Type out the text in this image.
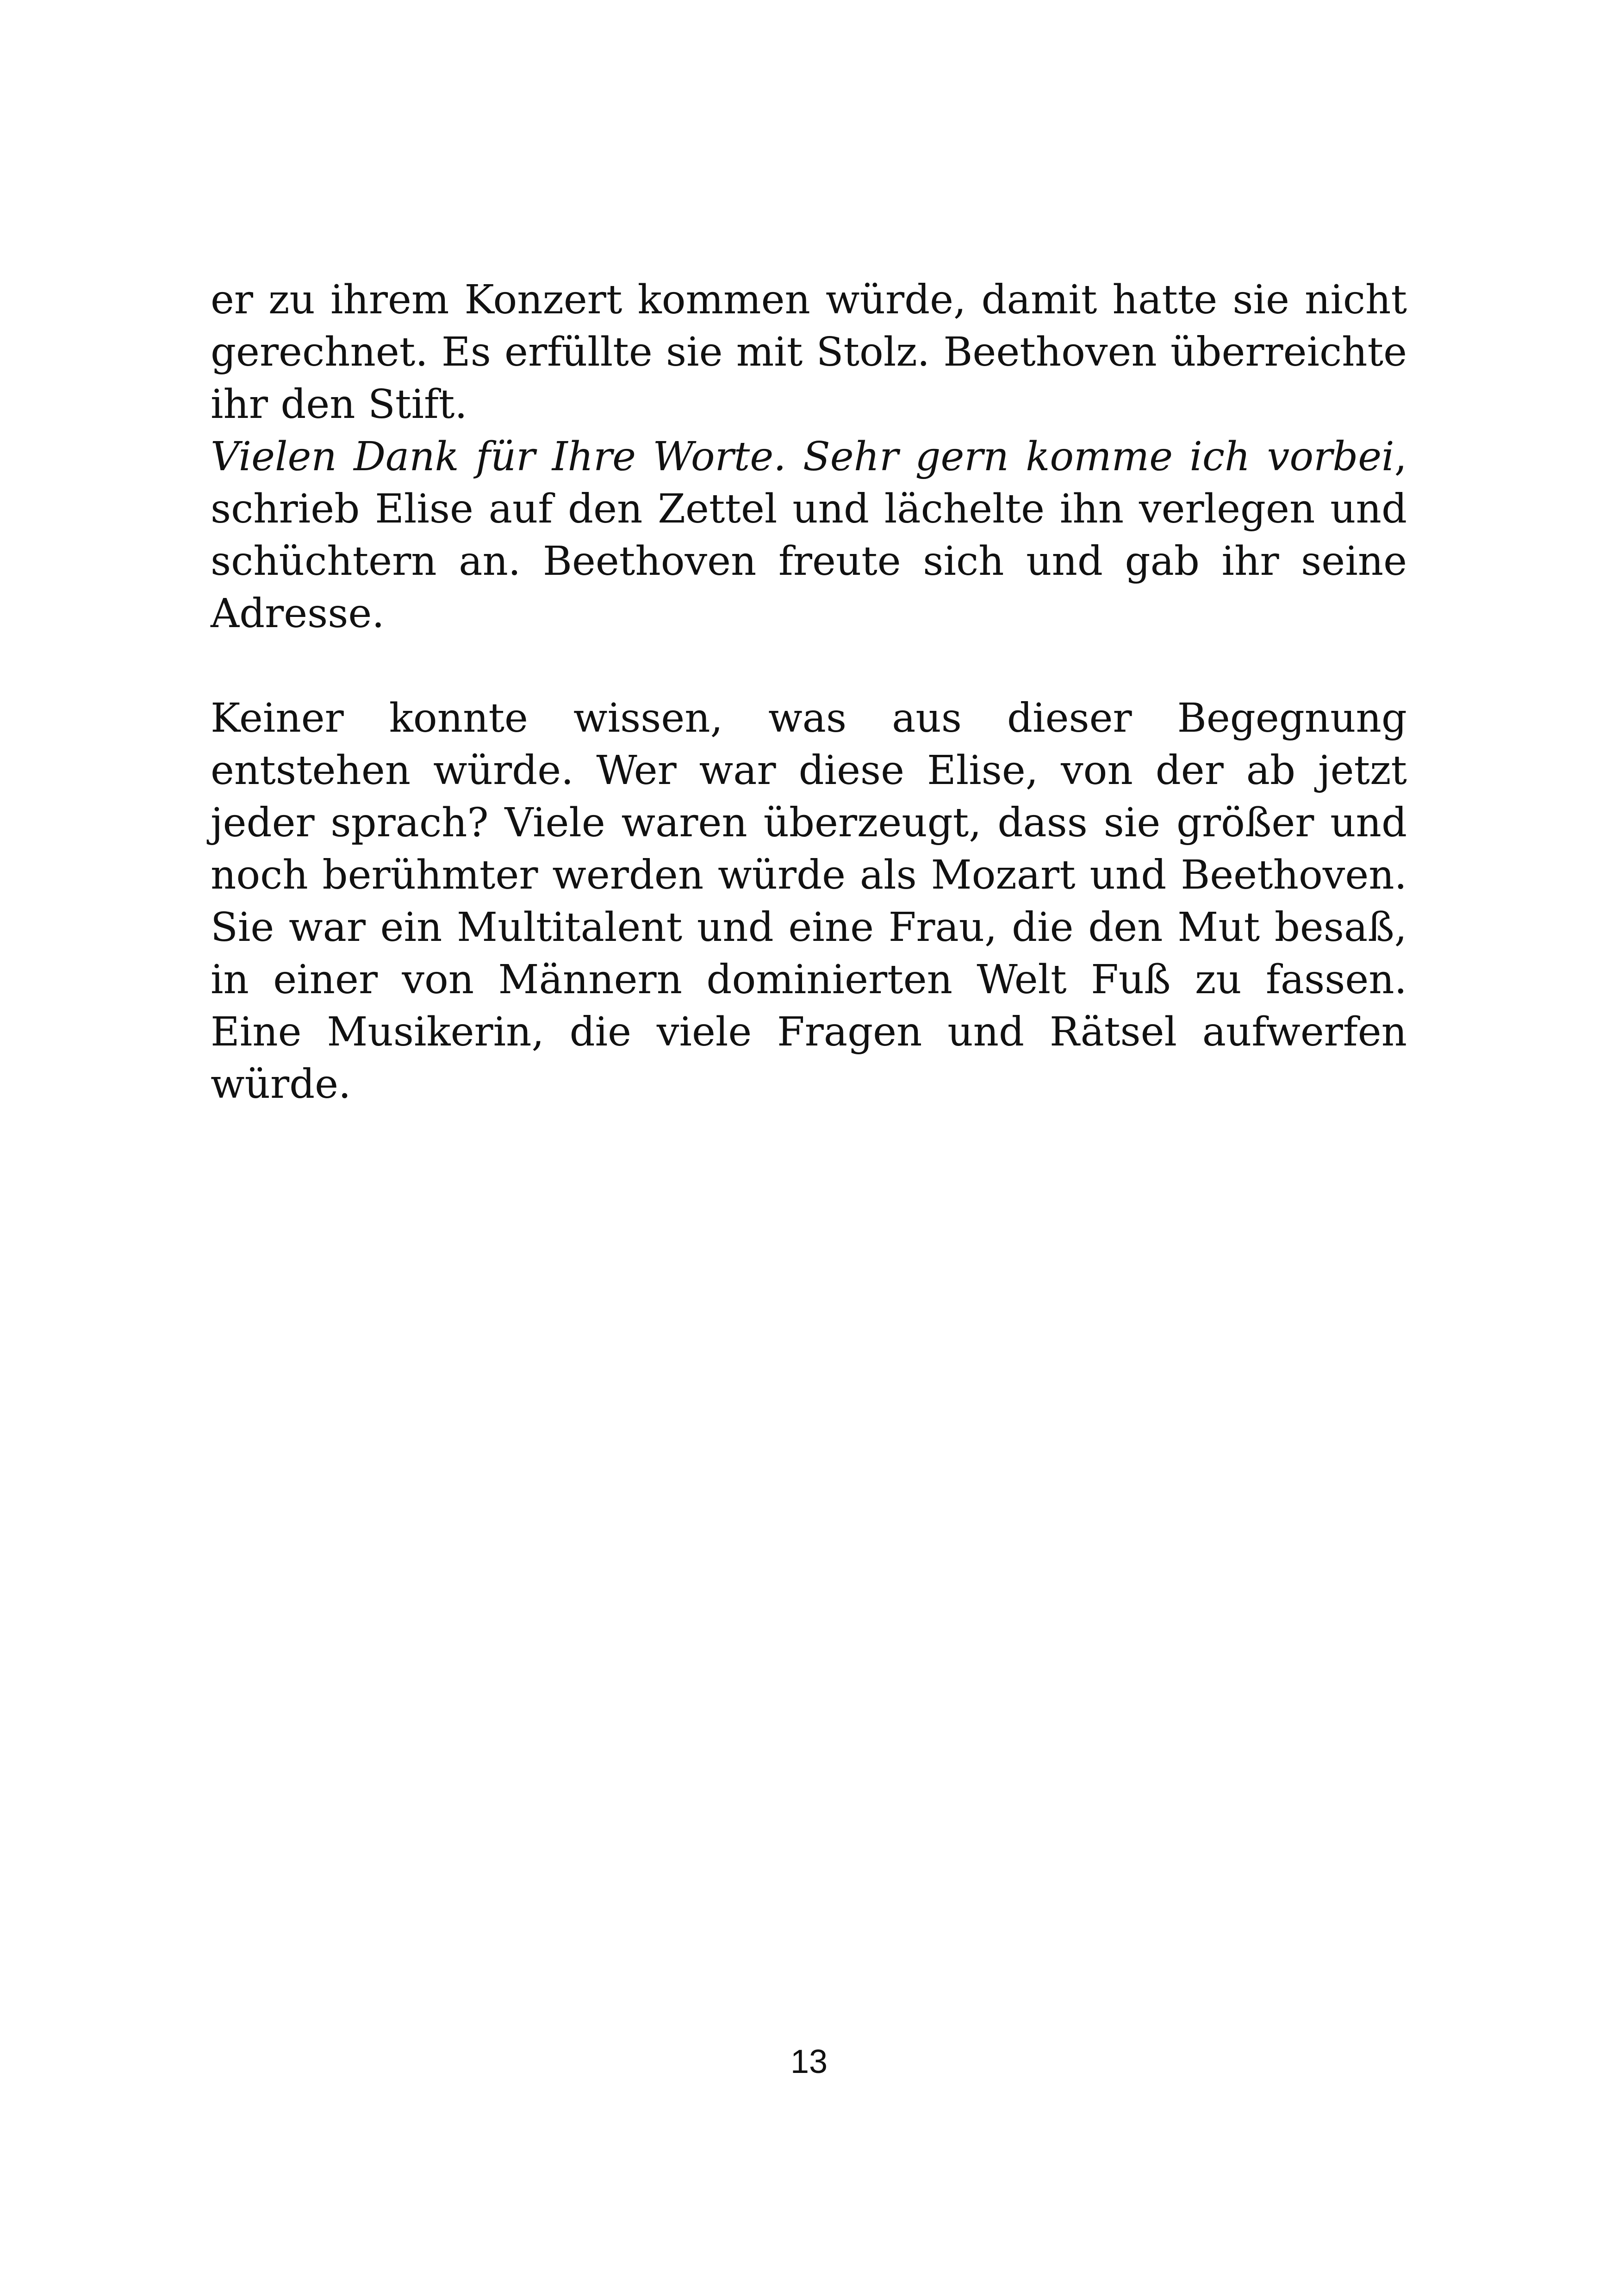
er zu ihrem Konzert kommen würde, damit hatte sie nicht gerechnet. Es erfüllte sie mit Stolz. Beethoven überreichte ihr den Stift.

Vielen Dank für Ihre Worte. Sehr gern komme ich vorbei, schrieb Elise auf den Zettel und lächelte ihn verlegen und schüchtern an. Beethoven freute sich und gab ihr seine Adresse.

Keiner konnte wissen, was aus dieser Begegnung entstehen würde. Wer war diese Elise, von der ab jetzt jeder sprach? Viele waren überzeugt, dass sie größer und noch berühmter werden würde als Mozart und Beethoven. Sie war ein Multitalent und eine Frau, die den Mut besaß, in einer von Männern dominierten Welt Fuß zu fassen. Eine Musikerin, die viele Fragen und Rätsel aufwerfen würde.

13
